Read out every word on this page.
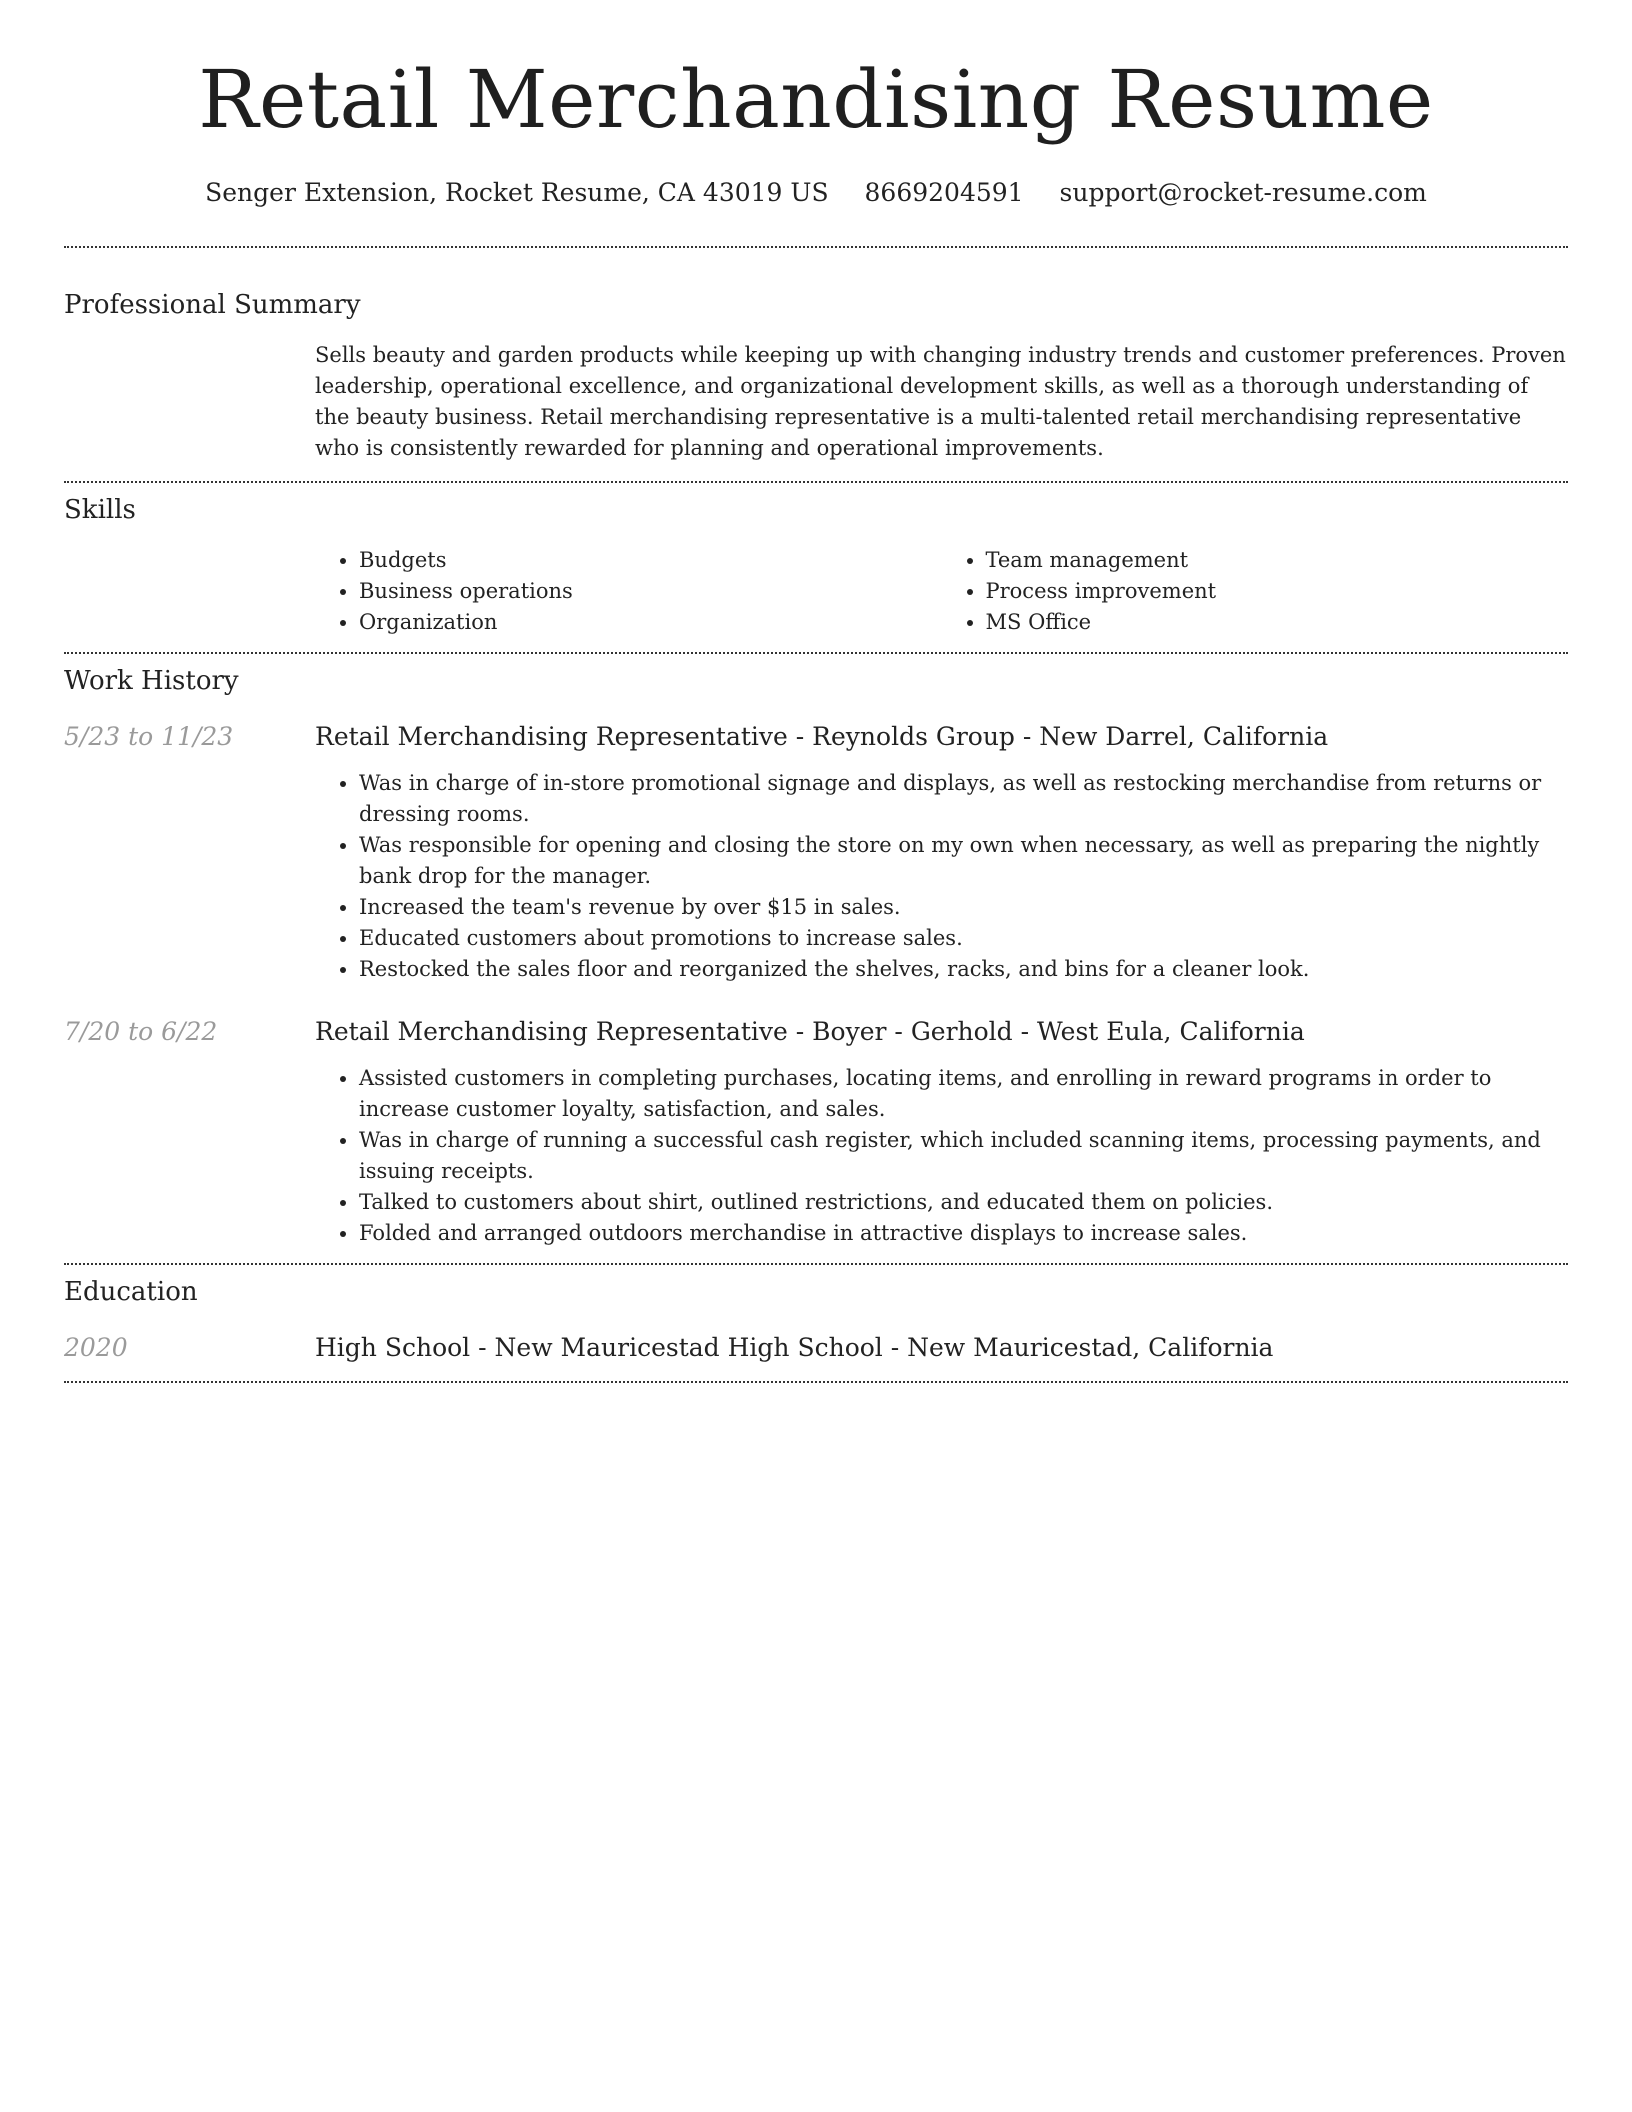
Retail Merchandising Resume
Senger Extension, Rocket Resume, CA 43019 US 8669204591 support@rocket-resume.com
Professional Summary

Sells beauty and garden products while keeping up with changing industry trends and customer preferences. Proven leadership, operational excellence, and organizational development skills, as well as a thorough understanding of the beauty business. Retail merchandising representative is a multi-talented retail merchandising representative who is consistently rewarded for planning and operational improvements.

Skills
• Budgets
• Business operations
• Organization
• Team management
• Process improvement
• MS Office
Work History
5/23 to 11/23	Retail Merchandising Representative - Reynolds Group - New Darrel, California

• Was in charge of in-store promotional signage and displays, as well as restocking merchandise from returns or dressing rooms.
• Was responsible for opening and closing the store on my own when necessary, as well as preparing the nightly bank drop for the manager.
• Increased the team's revenue by over $15 in sales.
• Educated customers about promotions to increase sales.
• Restocked the sales floor and reorganized the shelves, racks, and bins for a cleaner look.
7/20 to 6/22	Retail Merchandising Representative - Boyer - Gerhold - West Eula, California

• Assisted customers in completing purchases, locating items, and enrolling in reward programs in order to increase customer loyalty, satisfaction, and sales.
• Was in charge of running a successful cash register, which included scanning items, processing payments, and issuing receipts.
• Talked to customers about shirt, outlined restrictions, and educated them on policies.
• Folded and arranged outdoors merchandise in attractive displays to increase sales.
Education
2020	High School - New Mauricestad High School - New Mauricestad, California
